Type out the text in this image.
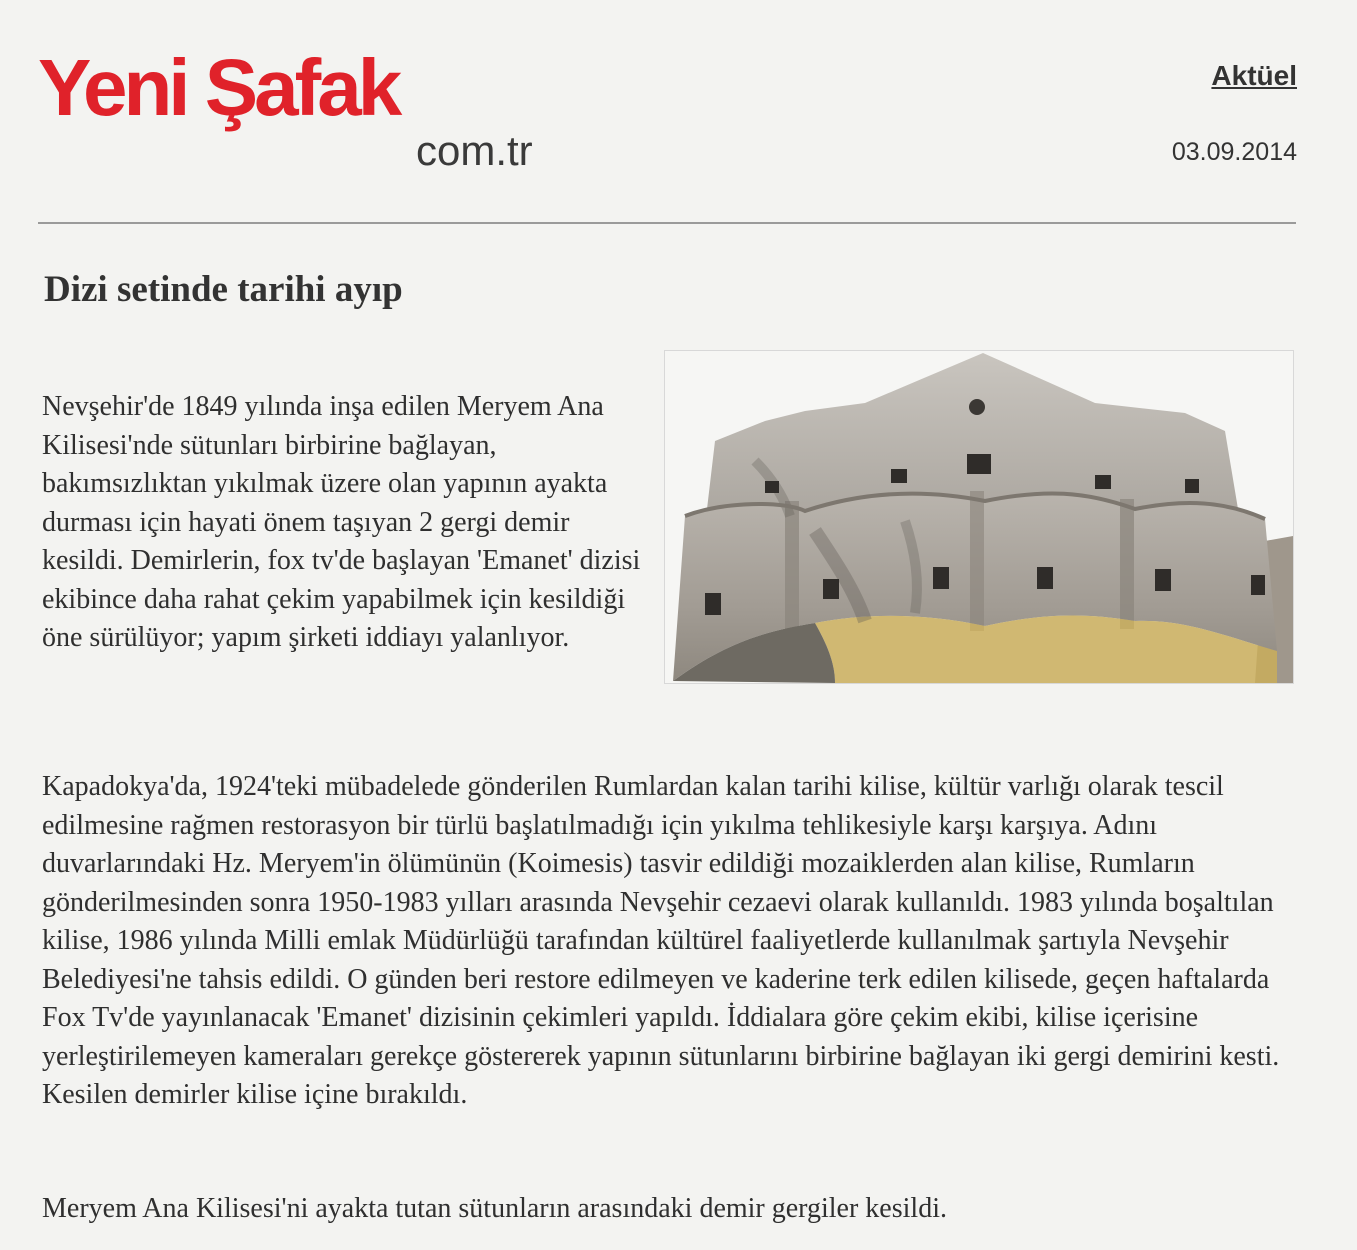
Yeni Şafak
com.tr
Aktüel
03.09.2014
Dizi setinde tarihi ayıp

Nevşehir'de 1849 yılında inşa edilen Meryem Ana Kilisesi'nde sütunları birbirine bağlayan, bakımsızlıktan yıkılmak üzere olan yapının ayakta durması için hayati önem taşıyan 2 gergi demir kesildi. Demirlerin, fox tv'de başlayan 'Emanet' dizisi ekibince daha rahat çekim yapabilmek için kesildiği öne sürülüyor; yapım şirketi iddiayı yalanlıyor.

Kapadokya'da, 1924'teki mübadelede gönderilen Rumlardan kalan tarihi kilise, kültür varlığı olarak tescil edilmesine rağmen restorasyon bir türlü başlatılmadığı için yıkılma tehlikesiyle karşı karşıya. Adını duvarlarındaki Hz. Meryem'in ölümünün (Koimesis) tasvir edildiği mozaiklerden alan kilise, Rumların gönderilmesinden sonra 1950-1983 yılları arasında Nevşehir cezaevi olarak kullanıldı. 1983 yılında boşaltılan kilise, 1986 yılında Milli emlak Müdürlüğü tarafından kültürel faaliyetlerde kullanılmak şartıyla Nevşehir Belediyesi'ne tahsis edildi. O günden beri restore edilmeyen ve kaderine terk edilen kilisede, geçen haftalarda Fox Tv'de yayınlanacak 'Emanet' dizisinin çekimleri yapıldı. İddialara göre çekim ekibi, kilise içerisine yerleştirilemeyen kameraları gerekçe göstererek yapının sütunlarını birbirine bağlayan iki gergi demirini kesti. Kesilen demirler kilise içine bırakıldı.

Meryem Ana Kilisesi'ni ayakta tutan sütunların arasındaki demir gergiler kesildi.
